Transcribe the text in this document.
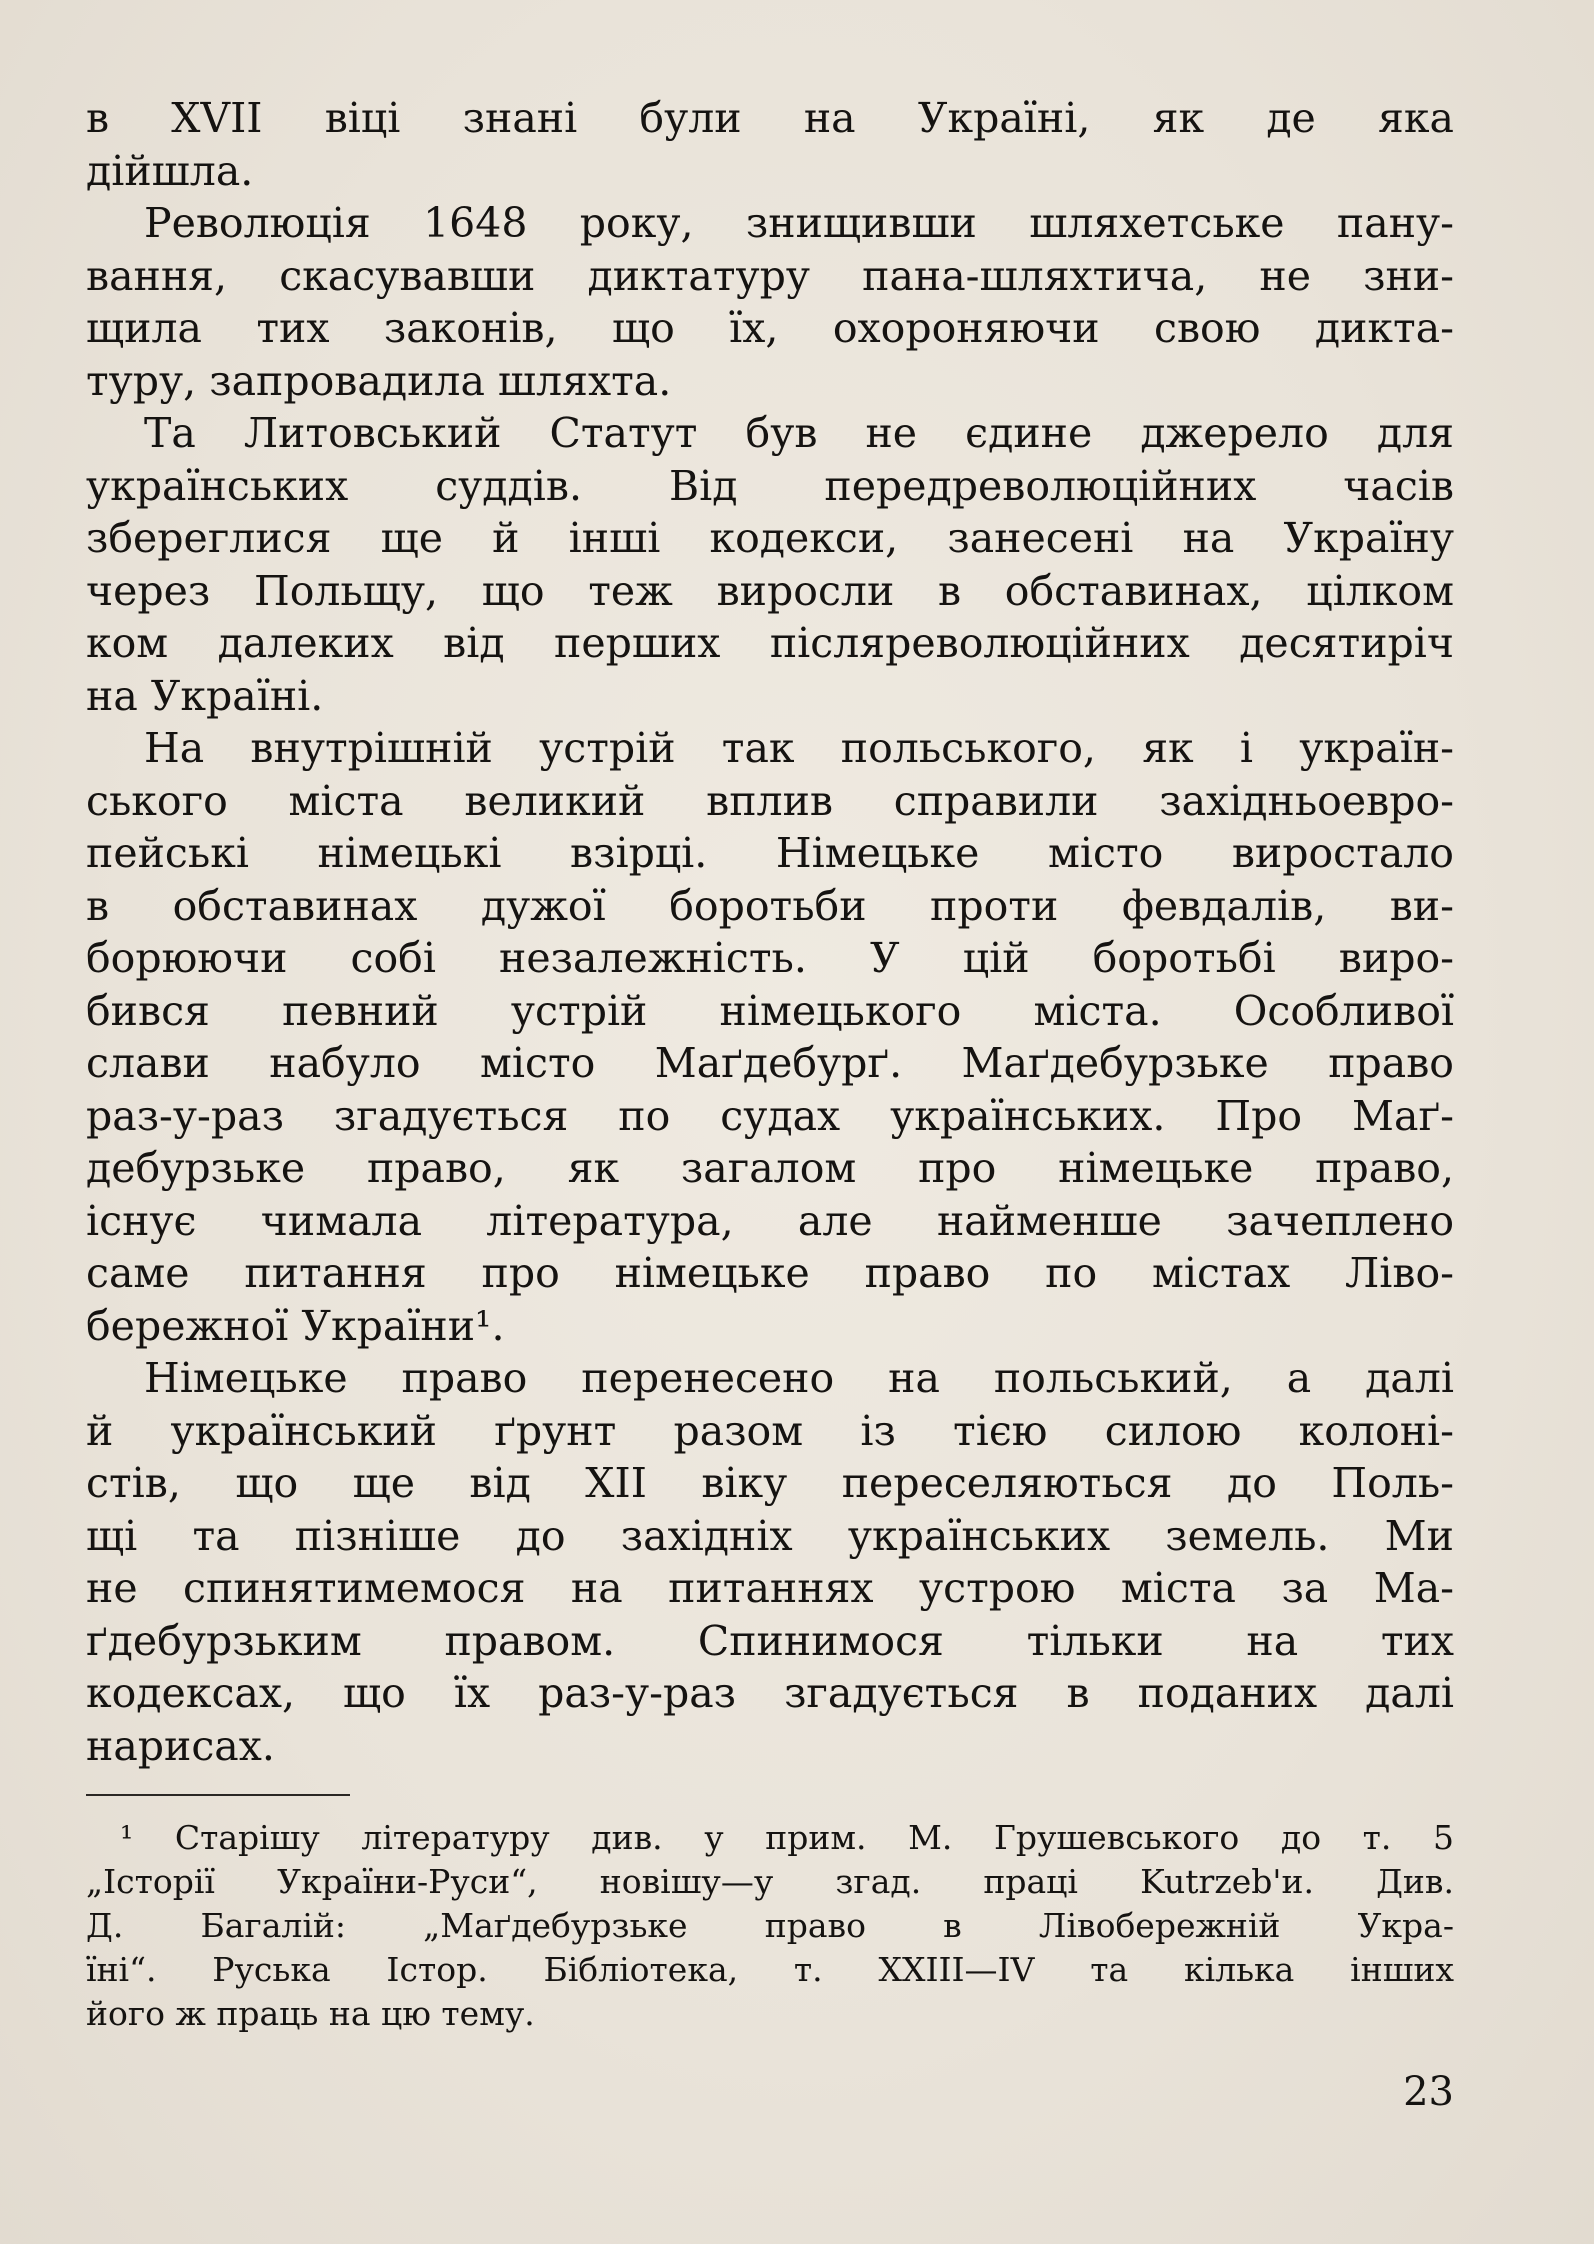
в XVII віці знані були на Україні, як де яка
дійшла.
Революція 1648 року, знищивши шляхетське пану-
вання, скасувавши диктатуру пана-шляхтича, не зни-
щила тих законів, що їх, охороняючи свою дикта-
туру, запровадила шляхта.
Та Литовський Статут був не єдине джерело для
українських суддів. Від передреволюційних часів
збереглися ще й інші кодекси, занесені на Україну
через Польщу, що теж виросли в обставинах, цілком
ком далеких від перших післяреволюційних десятиріч
на Україні.
На внутрішній устрій так польського, як і україн-
ського міста великий вплив справили західньоевро-
пейські німецькі взірці. Німецьке місто виростало
в обставинах дужої боротьби проти февдалів, ви-
борюючи собі незалежність. У цій боротьбі виро-
бився певний устрій німецького міста. Особливої
слави набуло місто Маґдебурґ. Маґдебурзьке право
раз-у-раз згадується по судах українських. Про Маґ-
дебурзьке право, як загалом про німецьке право,
існує чимала література, але найменше зачеплено
саме питання про німецьке право по містах Ліво-
бережної України¹.
Німецьке право перенесено на польський, а далі
й український ґрунт разом із тією силою колоні-
стів, що ще від XII віку переселяються до Поль-
щі та пізніше до західніх українських земель. Ми
не спинятимемося на питаннях устрою міста за Ма-
ґдебурзьким правом. Спинимося тільки на тих
кодексах, що їх раз-у-раз згадується в поданих далі
нарисах.
¹ Старішу літературу див. у прим. М. Грушевського до т. 5
„Історії України-Руси“, новішу—у згад. праці Kutrzeb'и. Див.
Д. Багалій: „Маґдебурзьке право в Лівобережній Укра-
їні“. Руська Істор. Бібліотека, т. XXIII—IV та кілька інших
його ж праць на цю тему.
23
